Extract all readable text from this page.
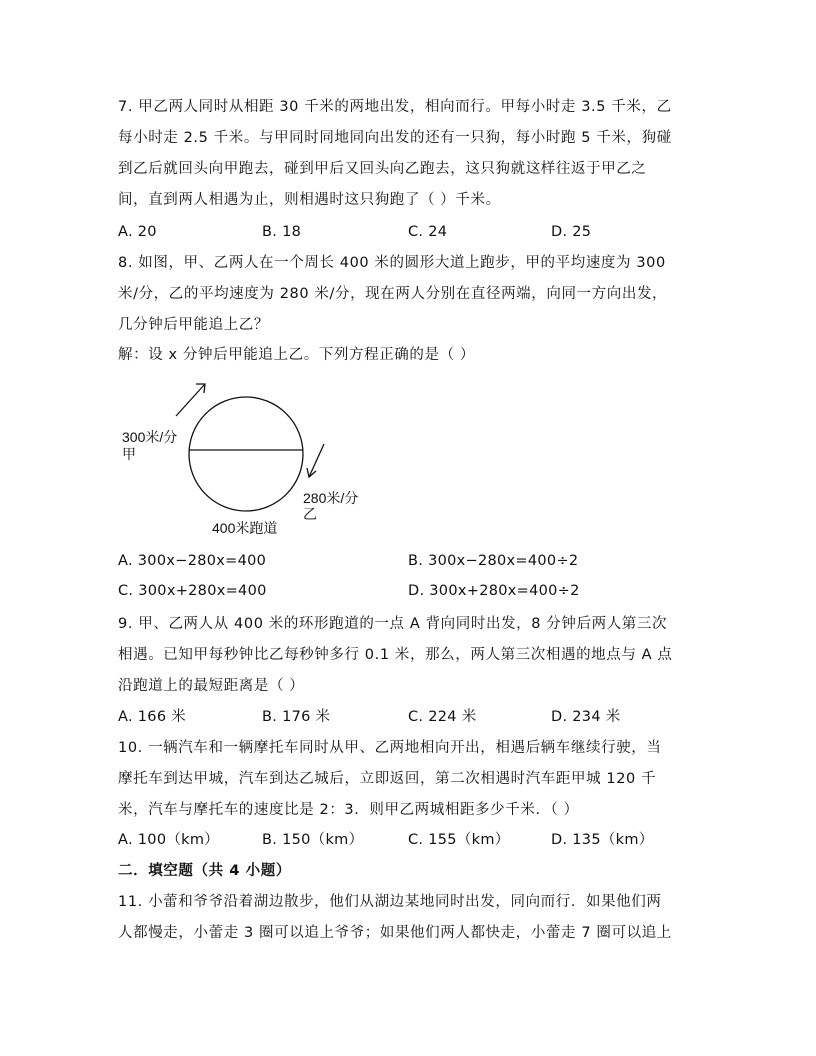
7. 甲乙两人同时从相距 30 千米的两地出发，相向而行。甲每小时走 3.5 千米，乙
每小时走 2.5 千米。与甲同时同地同向出发的还有一只狗，每小时跑 5 千米，狗碰
到乙后就回头向甲跑去，碰到甲后又回头向乙跑去，这只狗就这样往返于甲乙之
间，直到两人相遇为止，则相遇时这只狗跑了（ ）千米。
A. 20	B. 18	C. 24	D. 25
8. 如图，甲、乙两人在一个周长 400 米的圆形大道上跑步，甲的平均速度为 300
米/分，乙的平均速度为 280 米/分，现在两人分别在直径两端，向同一方向出发，
几分钟后甲能追上乙？
解：设 x 分钟后甲能追上乙。下列方程正确的是（ ）
300米/分
甲
280米/分
乙
400米跑道
A. 300x−280x=400	B. 300x−280x=400÷2
C. 300x+280x=400	D. 300x+280x=400÷2
9. 甲、乙两人从 400 米的环形跑道的一点 A 背向同时出发，8 分钟后两人第三次
相遇。已知甲每秒钟比乙每秒钟多行 0.1 米，那么，两人第三次相遇的地点与 A 点
沿跑道上的最短距离是（ ）
A. 166 米	B. 176 米	C. 224 米	D. 234 米
10. 一辆汽车和一辆摩托车同时从甲、乙两地相向开出，相遇后辆车继续行驶，当
摩托车到达甲城，汽车到达乙城后，立即返回，第二次相遇时汽车距甲城 120 千
米，汽车与摩托车的速度比是 2：3．则甲乙两城相距多少千米．（ ）
A. 100（km）	B. 150（km）	C. 155（km）	D. 135（km）
二．填空题（共 4 小题）
11. 小蕾和爷爷沿着湖边散步，他们从湖边某地同时出发，同向而行．如果他们两
人都慢走，小蕾走 3 圈可以追上爷爷；如果他们两人都快走，小蕾走 7 圈可以追上
